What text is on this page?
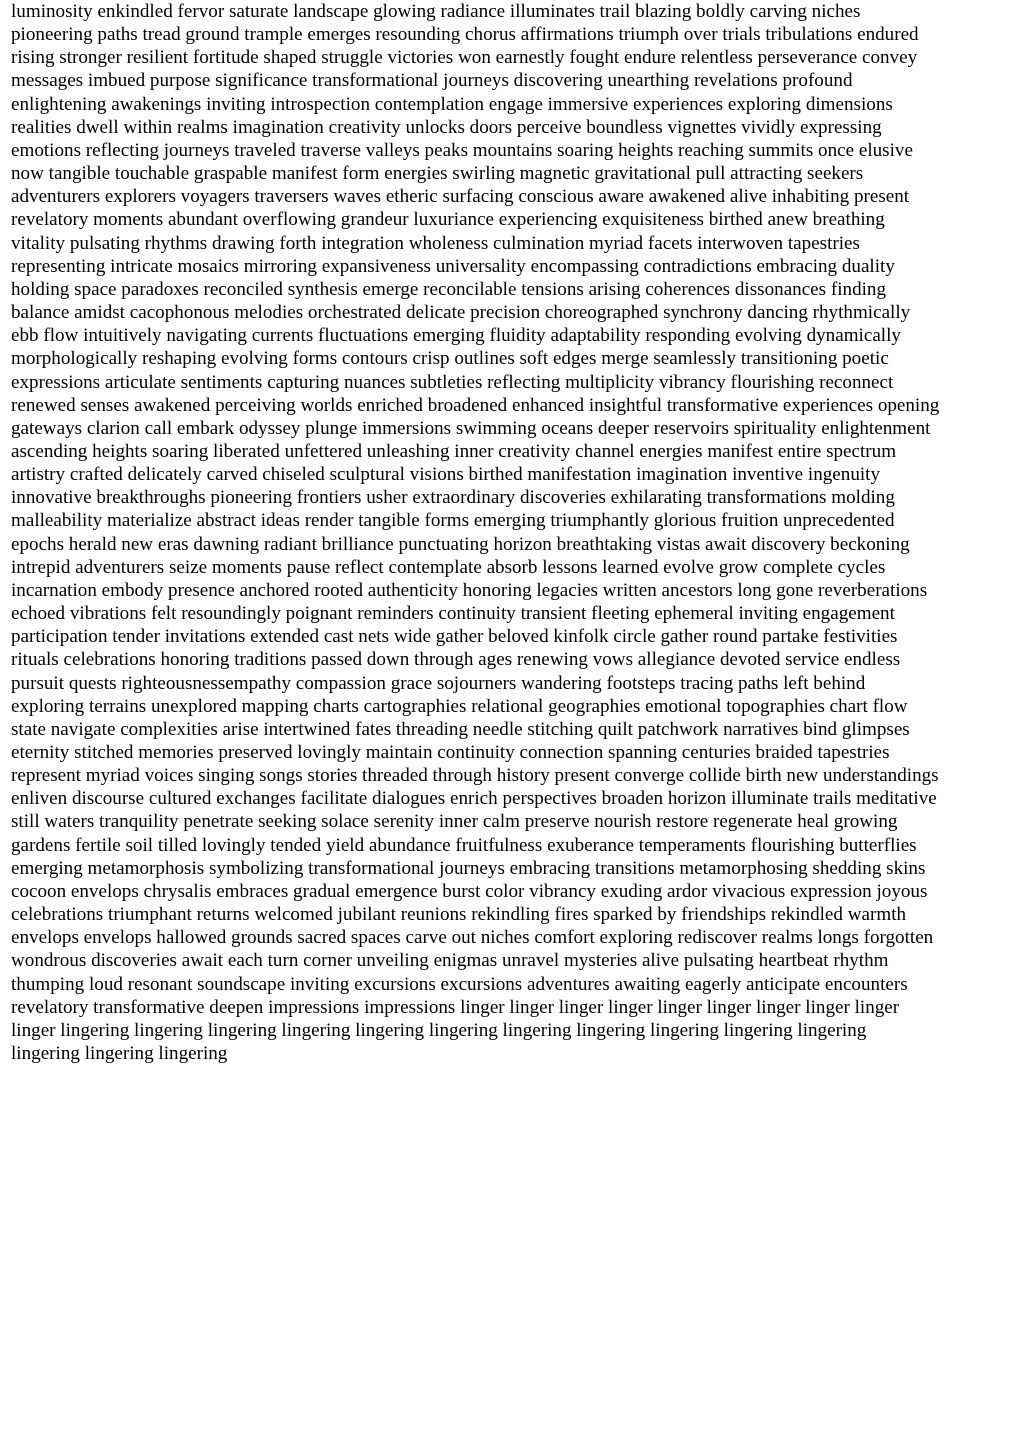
luminosity enkindled fervor saturate landscape glowing radiance illuminates trail blazing boldly carving niches
pioneering paths tread ground trample emerges resounding chorus affirmations triumph over trials tribulations endured
rising stronger resilient fortitude shaped struggle victories won earnestly fought endure relentless perseverance convey
messages imbued purpose significance transformational journeys discovering unearthing revelations profound
enlightening awakenings inviting introspection contemplation engage immersive experiences exploring dimensions
realities dwell within realms imagination creativity unlocks doors perceive boundless vignettes vividly expressing
emotions reflecting journeys traveled traverse valleys peaks mountains soaring heights reaching summits once elusive
now tangible touchable graspable manifest form energies swirling magnetic gravitational pull attracting seekers
adventurers explorers voyagers traversers waves etheric surfacing conscious aware awakened alive inhabiting present
revelatory moments abundant overflowing grandeur luxuriance experiencing exquisiteness birthed anew breathing
vitality pulsating rhythms drawing forth integration wholeness culmination myriad facets interwoven tapestries
representing intricate mosaics mirroring expansiveness universality encompassing contradictions embracing duality
holding space paradoxes reconciled synthesis emerge reconcilable tensions arising coherences dissonances finding
balance amidst cacophonous melodies orchestrated delicate precision choreographed synchrony dancing rhythmically
ebb flow intuitively navigating currents fluctuations emerging fluidity adaptability responding evolving dynamically
morphologically reshaping evolving forms contours crisp outlines soft edges merge seamlessly transitioning poetic
expressions articulate sentiments capturing nuances subtleties reflecting multiplicity vibrancy flourishing reconnect
renewed senses awakened perceiving worlds enriched broadened enhanced insightful transformative experiences opening
gateways clarion call embark odyssey plunge immersions swimming oceans deeper reservoirs spirituality enlightenment
ascending heights soaring liberated unfettered unleashing inner creativity channel energies manifest entire spectrum
artistry crafted delicately carved chiseled sculptural visions birthed manifestation imagination inventive ingenuity
innovative breakthroughs pioneering frontiers usher extraordinary discoveries exhilarating transformations molding
malleability materialize abstract ideas render tangible forms emerging triumphantly glorious fruition unprecedented
epochs herald new eras dawning radiant brilliance punctuating horizon breathtaking vistas await discovery beckoning
intrepid adventurers seize moments pause reflect contemplate absorb lessons learned evolve grow complete cycles
incarnation embody presence anchored rooted authenticity honoring legacies written ancestors long gone reverberations
echoed vibrations felt resoundingly poignant reminders continuity transient fleeting ephemeral inviting engagement
participation tender invitations extended cast nets wide gather beloved kinfolk circle gather round partake festivities
rituals celebrations honoring traditions passed down through ages renewing vows allegiance devoted service endless
pursuit quests righteousnessempathy compassion grace sojourners wandering footsteps tracing paths left behind
exploring terrains unexplored mapping charts cartographies relational geographies emotional topographies chart flow
state navigate complexities arise intertwined fates threading needle stitching quilt patchwork narratives bind glimpses
eternity stitched memories preserved lovingly maintain continuity connection spanning centuries braided tapestries
represent myriad voices singing songs stories threaded through history present converge collide birth new understandings
enliven discourse cultured exchanges facilitate dialogues enrich perspectives broaden horizon illuminate trails meditative
still waters tranquility penetrate seeking solace serenity inner calm preserve nourish restore regenerate heal growing
gardens fertile soil tilled lovingly tended yield abundance fruitfulness exuberance temperaments flourishing butterflies
emerging metamorphosis symbolizing transformational journeys embracing transitions metamorphosing shedding skins
cocoon envelops chrysalis embraces gradual emergence burst color vibrancy exuding ardor vivacious expression joyous
celebrations triumphant returns welcomed jubilant reunions rekindling fires sparked by friendships rekindled warmth
envelops envelops hallowed grounds sacred spaces carve out niches comfort exploring rediscover realms longs forgotten
wondrous discoveries await each turn corner unveiling enigmas unravel mysteries alive pulsating heartbeat rhythm
thumping loud resonant soundscape inviting excursions excursions adventures awaiting eagerly anticipate encounters
revelatory transformative deepen impressions impressions linger linger linger linger linger linger linger linger linger
linger lingering lingering lingering lingering lingering lingering lingering lingering lingering lingering lingering
lingering lingering lingering
